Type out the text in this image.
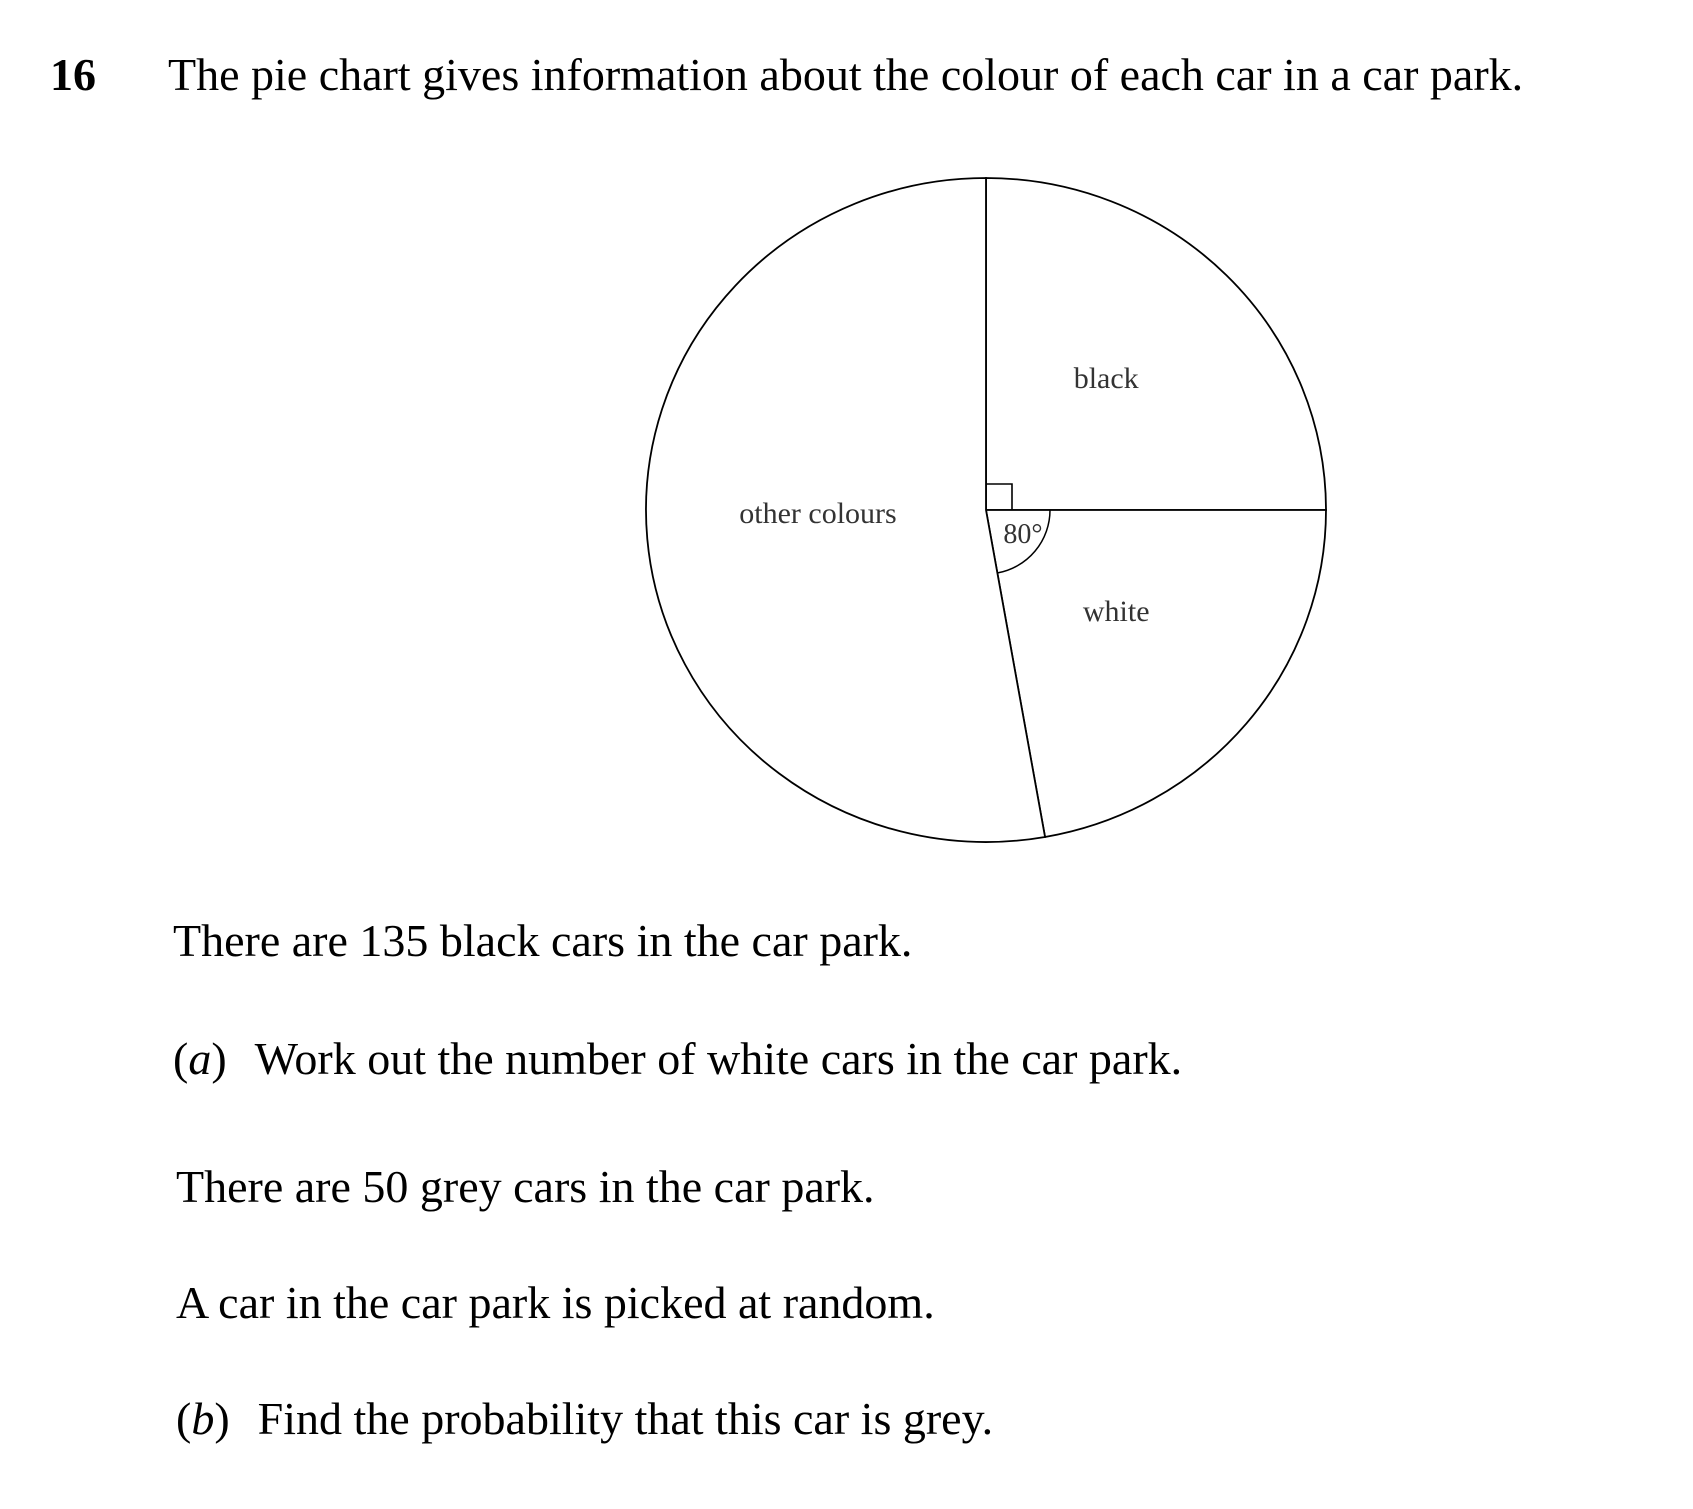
16 The pie chart gives information about the colour of each car in a car park.
black
white
other colours
80°
There are 135 black cars in the car park.
(a) Work out the number of white cars in the car park.
There are 50 grey cars in the car park.
A car in the car park is picked at random.
(b) Find the probability that this car is grey.
